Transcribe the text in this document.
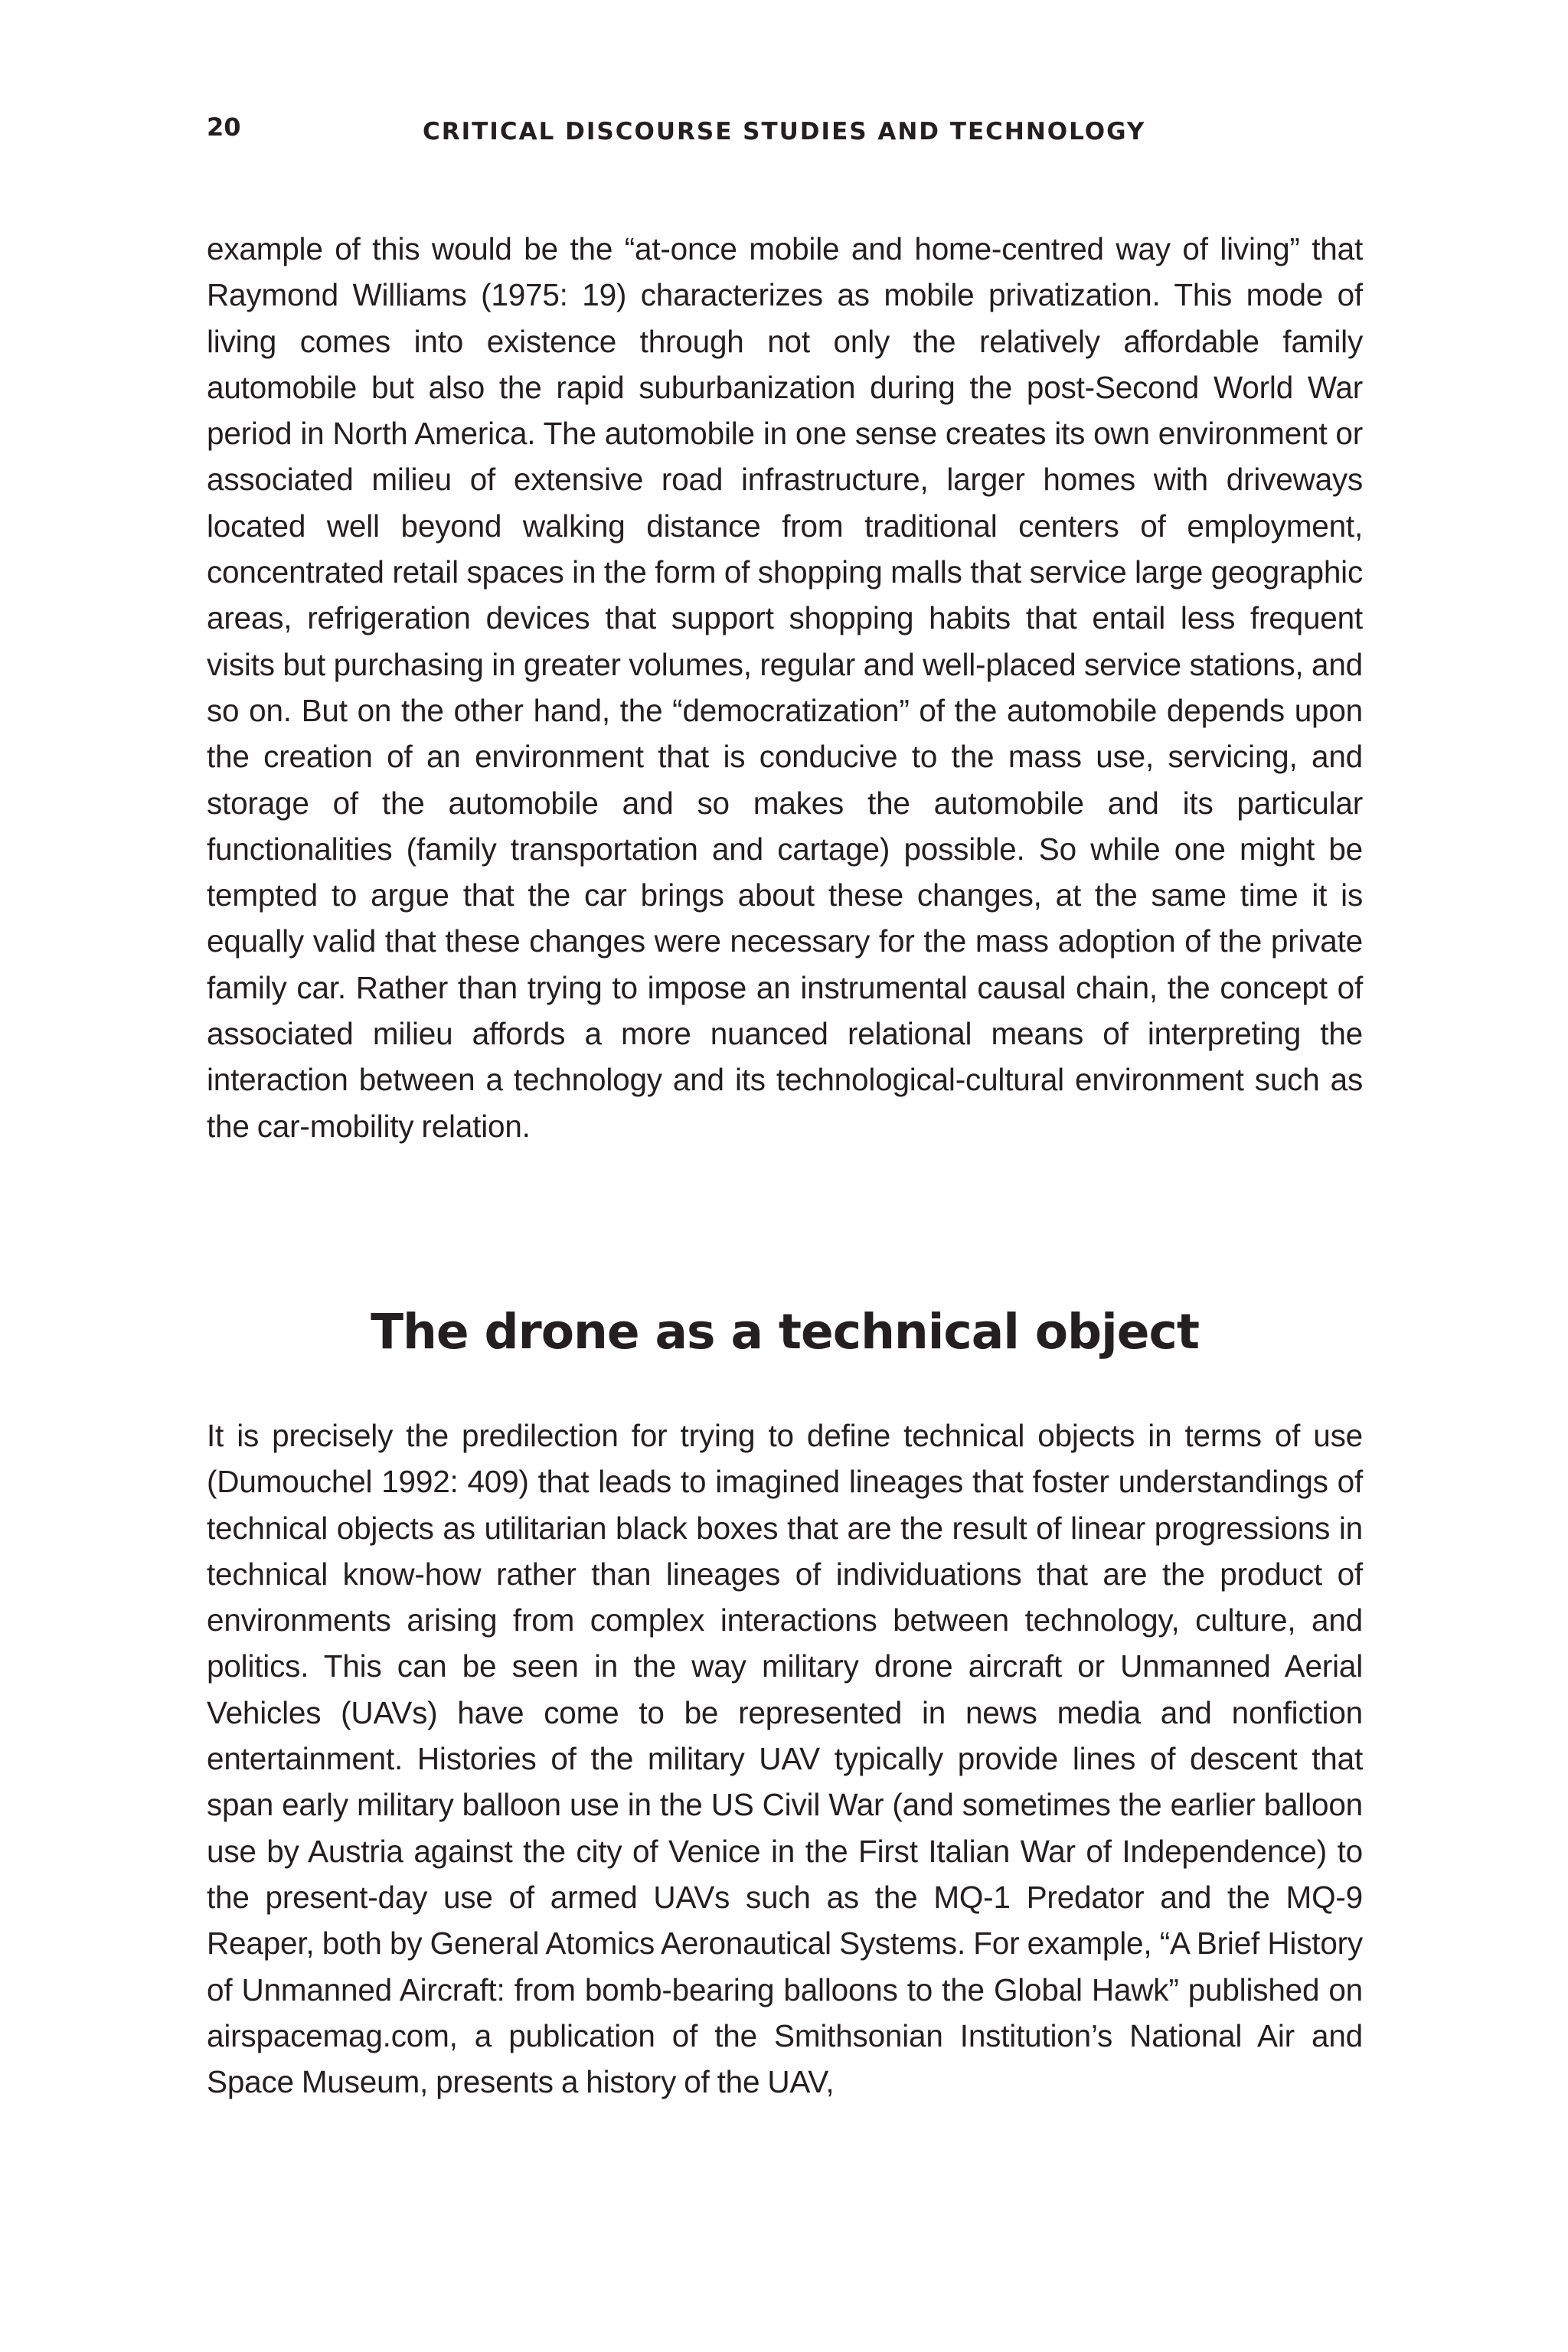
20	CRITICAL DISCOURSE STUDIES AND TECHNOLOGY

example of this would be the “at-once mobile and home-centred way of living” that Raymond Williams (1975: 19) characterizes as mobile privatization. This mode of living comes into existence through not only the relatively affordable family automobile but also the rapid suburbanization during the post-Second World War period in North America. The automobile in one sense creates its own environment or associated milieu of extensive road infrastructure, larger homes with driveways located well beyond walking distance from traditional centers of employment, concentrated retail spaces in the form of shopping malls that service large geographic areas, refrigeration devices that support shopping habits that entail less frequent visits but purchasing in greater volumes, regular and well-placed service stations, and so on. But on the other hand, the “democratization” of the automobile depends upon the creation of an environment that is conducive to the mass use, servicing, and storage of the automobile and so makes the automobile and its particular functionalities (family transportation and cartage) possible. So while one might be tempted to argue that the car brings about these changes, at the same time it is equally valid that these changes were necessary for the mass adoption of the private family car. Rather than trying to impose an instrumental causal chain, the concept of associated milieu affords a more nuanced relational means of interpreting the interaction between a technology and its technological-cultural environment such as the car-mobility relation.

The drone as a technical object

It is precisely the predilection for trying to define technical objects in terms of use (Dumouchel 1992: 409) that leads to imagined lineages that foster understandings of technical objects as utilitarian black boxes that are the result of linear progressions in technical know-how rather than lineages of individuations that are the product of environments arising from complex interactions between technology, culture, and politics. This can be seen in the way military drone aircraft or Unmanned Aerial Vehicles (UAVs) have come to be represented in news media and nonfiction entertainment. Histories of the military UAV typically provide lines of descent that span early military balloon use in the US Civil War (and sometimes the earlier balloon use by Austria against the city of Venice in the First Italian War of Independence) to the present-day use of armed UAVs such as the MQ-1 Predator and the MQ-9 Reaper, both by General Atomics Aeronautical Systems. For example, “A Brief History of Unmanned Aircraft: from bomb-bearing balloons to the Global Hawk” published on airspacemag.com, a publication of the Smithsonian Institution’s National Air and Space Museum, presents a history of the UAV,
